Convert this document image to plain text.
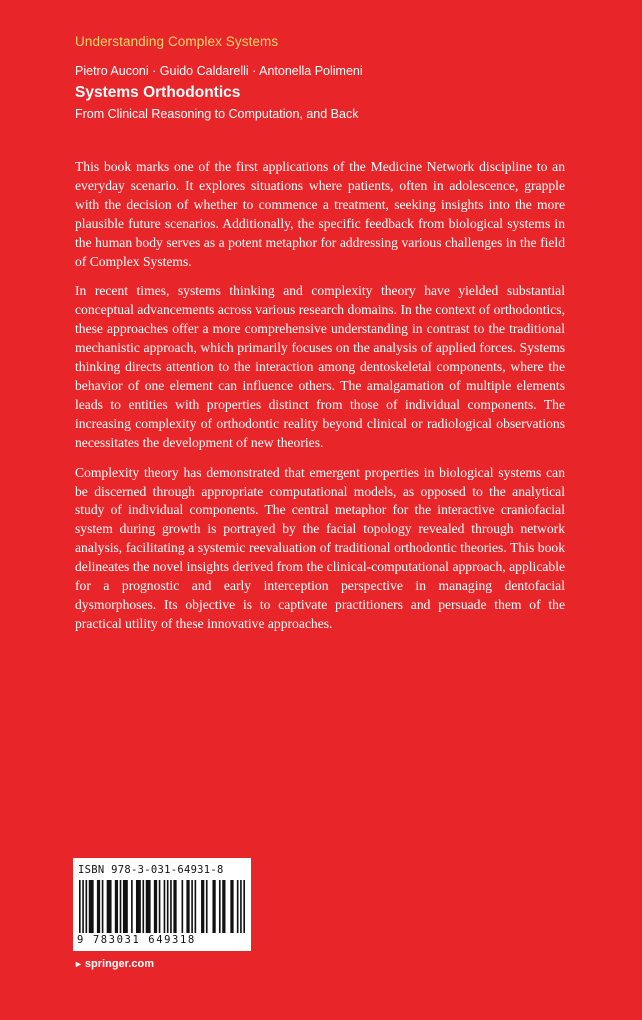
Understanding Complex Systems
Pietro Auconi · Guido Caldarelli · Antonella Polimeni
Systems Orthodontics
From Clinical Reasoning to Computation, and Back

This book marks one of the first applications of the Medicine Network discipline to an everyday scenario. It explores situations where patients, often in adolescence, grapple with the decision of whether to commence a treatment, seeking insights into the more plausible future scenarios. Additionally, the specific feedback from biological systems in the human body serves as a potent metaphor for addressing various challenges in the field of Complex Systems.

In recent times, systems thinking and complexity theory have yielded substantial conceptual advancements across various research domains. In the context of orthodontics, these approaches offer a more comprehensive understanding in contrast to the traditional mechanistic approach, which primarily focuses on the analysis of applied forces. Systems thinking directs attention to the interaction among dentoskeletal components, where the behavior of one element can influence others. The amalgamation of multiple elements leads to entities with properties distinct from those of individual components. The increasing complexity of orthodontic reality beyond clinical or radiological observations necessitates the development of new theories.

Complexity theory has demonstrated that emergent properties in biological systems can be discerned through appropriate computational models, as opposed to the analytical study of individual components. The central metaphor for the interactive craniofacial system during growth is portrayed by the facial topology revealed through network analysis, facilitating a systemic reevaluation of traditional orthodontic theories. This book delineates the novel insights derived from the clinical-computational approach, applicable for a prognostic and early interception perspective in managing dentofacial dysmorphoses. Its objective is to captivate practitioners and persuade them of the practical utility of these innovative approaches.

ISBN 978-3-031-64931-8
9 783031 649318
► springer.com
